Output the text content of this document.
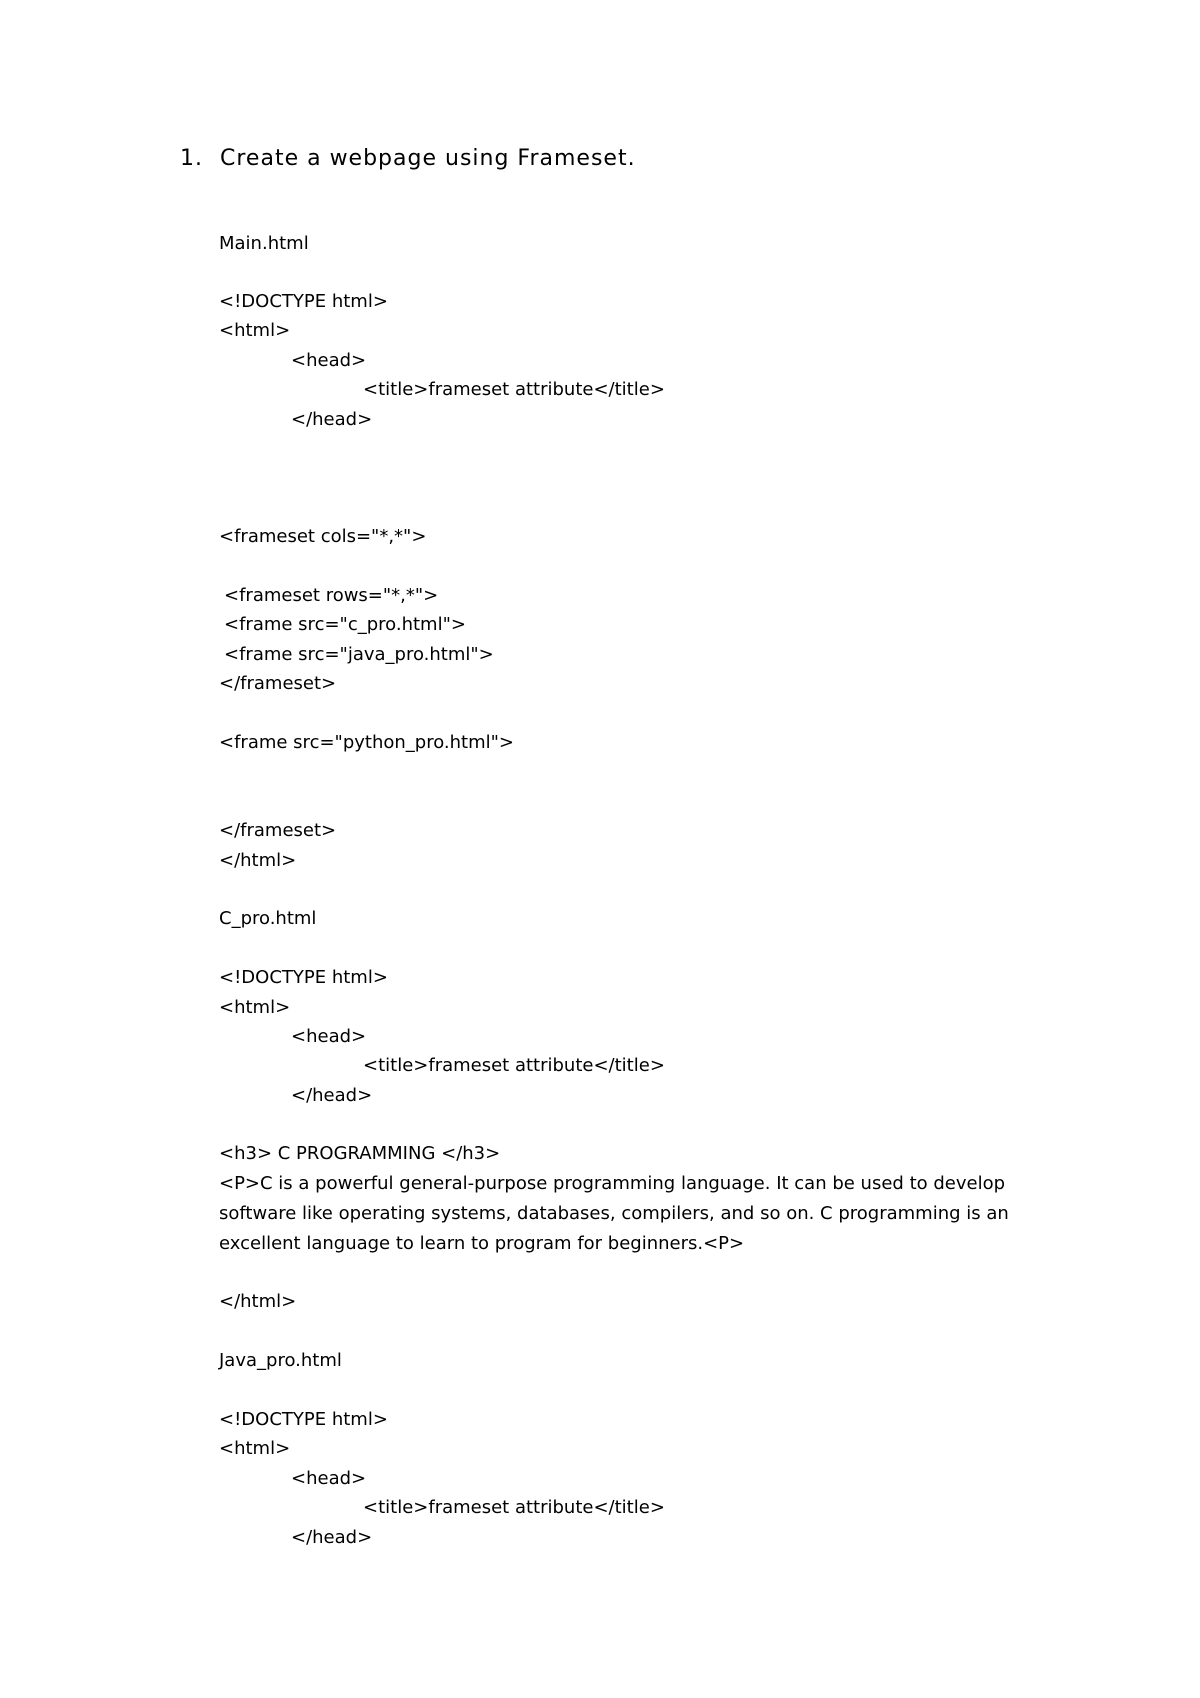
1. Create a webpage using Frameset.
Main.html
<!DOCTYPE html>
<html>
<head>
<title>frameset attribute</title>
</head>
<frameset cols="*,*">
<frameset rows="*,*">
<frame src="c_pro.html">
<frame src="java_pro.html">
</frameset>
<frame src="python_pro.html">
</frameset>
</html>
C_pro.html
<!DOCTYPE html>
<html>
<head>
<title>frameset attribute</title>
</head>
<h3> C PROGRAMMING </h3>
<P>C is a powerful general-purpose programming language. It can be used to develop software like operating systems, databases, compilers, and so on. C programming is an excellent language to learn to program for beginners.<P>
</html>
Java_pro.html
<!DOCTYPE html>
<html>
<head>
<title>frameset attribute</title>
</head>
